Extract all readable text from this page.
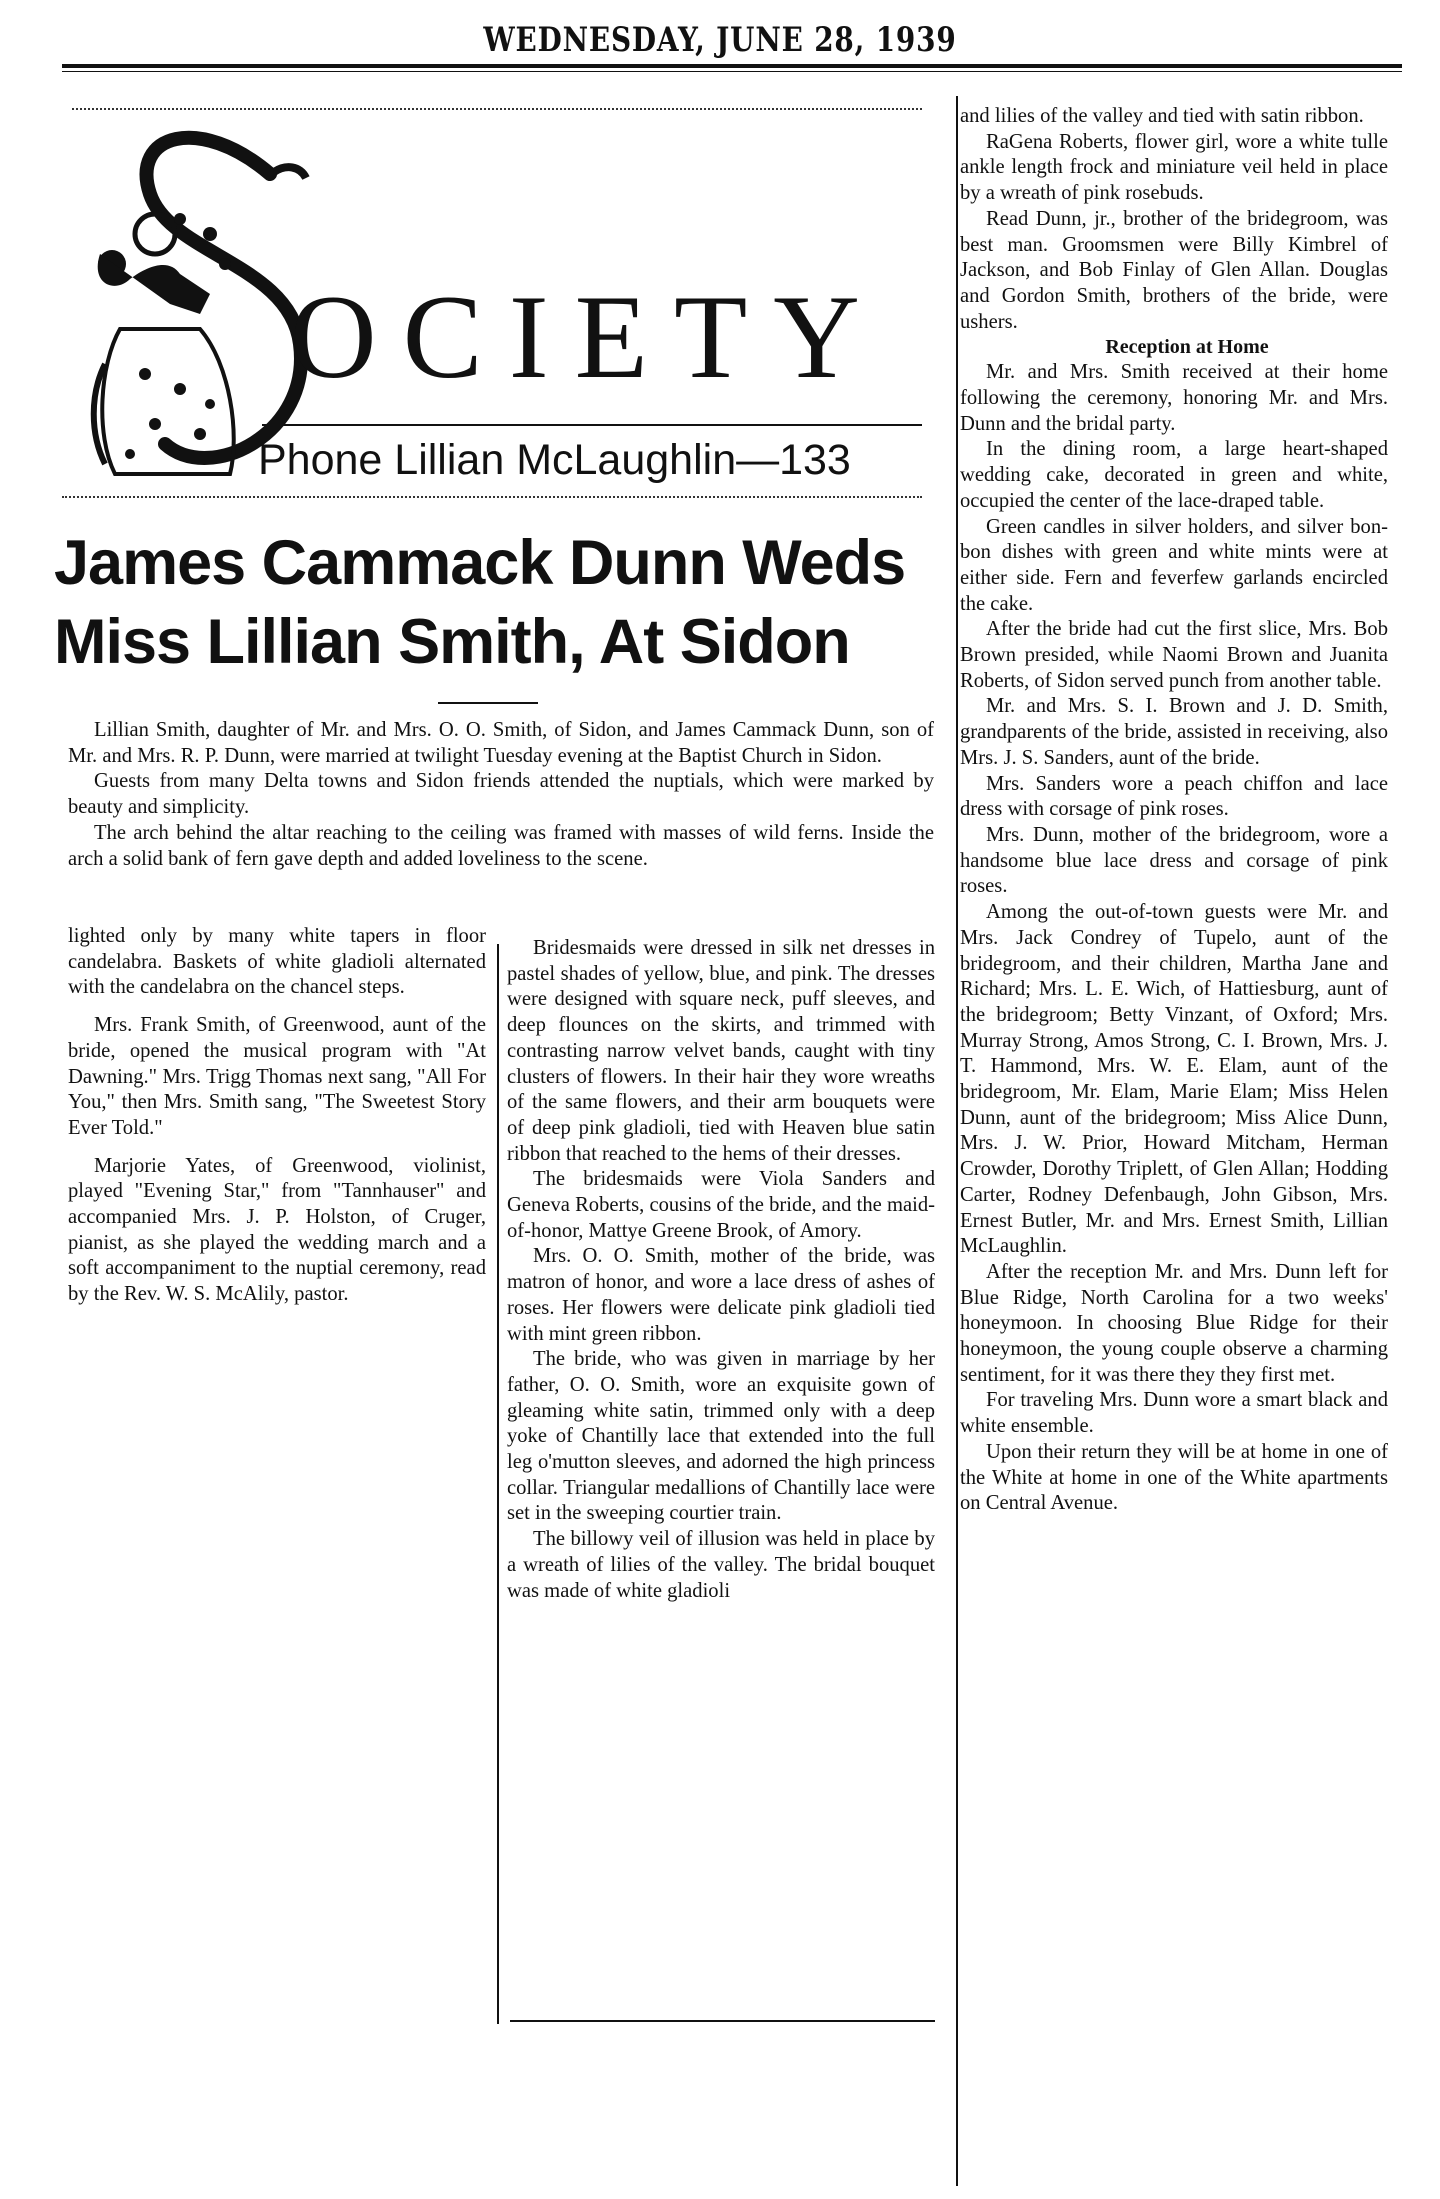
WEDNESDAY, JUNE 28, 1939
OCIETY
Phone Lillian McLaughlin—133
James Cammack Dunn Weds
Miss Lillian Smith, At Sidon

Lillian Smith, daughter of Mr. and Mrs. O. O. Smith, of Sidon, and James Cammack Dunn, son of Mr. and Mrs. R. P. Dunn, were married at twilight Tuesday evening at the Baptist Church in Sidon.

Guests from many Delta towns and Sidon friends attended the nuptials, which were marked by beauty and simplicity.

The arch behind the altar reaching to the ceiling was framed with masses of wild ferns. Inside the arch a solid bank of fern gave depth and added loveliness to the scene.

lighted only by many white tapers in floor candelabra. Baskets of white gladioli alternated with the candelabra on the chancel steps.

Mrs. Frank Smith, of Greenwood, aunt of the bride, opened the musical program with "At Dawning." Mrs. Trigg Thomas next sang, "All For You," then Mrs. Smith sang, "The Sweetest Story Ever Told."

Marjorie Yates, of Greenwood, violinist, played "Evening Star," from "Tannhauser" and accompanied Mrs. J. P. Holston, of Cruger, pianist, as she played the wedding march and a soft accompaniment to the nuptial ceremony, read by the Rev. W. S. McAlily, pastor.

Bridesmaids were dressed in silk net dresses in pastel shades of yellow, blue, and pink. The dresses were designed with square neck, puff sleeves, and deep flounces on the skirts, and trimmed with contrasting narrow velvet bands, caught with tiny clusters of flowers. In their hair they wore wreaths of the same flowers, and their arm bouquets were of deep pink gladioli, tied with Heaven blue satin ribbon that reached to the hems of their dresses.

The bridesmaids were Viola Sanders and Geneva Roberts, cousins of the bride, and the maid-of-honor, Mattye Greene Brook, of Amory.

Mrs. O. O. Smith, mother of the bride, was matron of honor, and wore a lace dress of ashes of roses. Her flowers were delicate pink gladioli tied with mint green ribbon.

The bride, who was given in marriage by her father, O. O. Smith, wore an exquisite gown of gleaming white satin, trimmed only with a deep yoke of Chantilly lace that extended into the full leg o'mutton sleeves, and adorned the high princess collar. Triangular medallions of Chantilly lace were set in the sweeping courtier train.

The billowy veil of illusion was held in place by a wreath of lilies of the valley. The bridal bouquet was made of white gladioli

and lilies of the valley and tied with satin ribbon.

RaGena Roberts, flower girl, wore a white tulle ankle length frock and miniature veil held in place by a wreath of pink rosebuds.

Read Dunn, jr., brother of the bridegroom, was best man. Groomsmen were Billy Kimbrel of Jackson, and Bob Finlay of Glen Allan. Douglas and Gordon Smith, brothers of the bride, were ushers.

Reception at Home

Mr. and Mrs. Smith received at their home following the ceremony, honoring Mr. and Mrs. Dunn and the bridal party.

In the dining room, a large heart-shaped wedding cake, decorated in green and white, occupied the center of the lace-draped table.

Green candles in silver holders, and silver bon-bon dishes with green and white mints were at either side. Fern and feverfew garlands encircled the cake.

After the bride had cut the first slice, Mrs. Bob Brown presided, while Naomi Brown and Juanita Roberts, of Sidon served punch from another table.

Mr. and Mrs. S. I. Brown and J. D. Smith, grandparents of the bride, assisted in receiving, also Mrs. J. S. Sanders, aunt of the bride.

Mrs. Sanders wore a peach chiffon and lace dress with corsage of pink roses.

Mrs. Dunn, mother of the bridegroom, wore a handsome blue lace dress and corsage of pink roses.

Among the out-of-town guests were Mr. and Mrs. Jack Condrey of Tupelo, aunt of the bridegroom, and their children, Martha Jane and Richard; Mrs. L. E. Wich, of Hattiesburg, aunt of the bridegroom; Betty Vinzant, of Oxford; Mrs. Murray Strong, Amos Strong, C. I. Brown, Mrs. J. T. Hammond, Mrs. W. E. Elam, aunt of the bridegroom, Mr. Elam, Marie Elam; Miss Helen Dunn, aunt of the bridegroom; Miss Alice Dunn, Mrs. J. W. Prior, Howard Mitcham, Herman Crowder, Dorothy Triplett, of Glen Allan; Hodding Carter, Rodney Defenbaugh, John Gibson, Mrs. Ernest Butler, Mr. and Mrs. Ernest Smith, Lillian McLaughlin.

After the reception Mr. and Mrs. Dunn left for Blue Ridge, North Carolina for a two weeks' honeymoon. In choosing Blue Ridge for their honeymoon, the young couple observe a charming sentiment, for it was there they they first met.

For traveling Mrs. Dunn wore a smart black and white ensemble.

Upon their return they will be at home in one of the White at home in one of the White apartments on Central Avenue.
